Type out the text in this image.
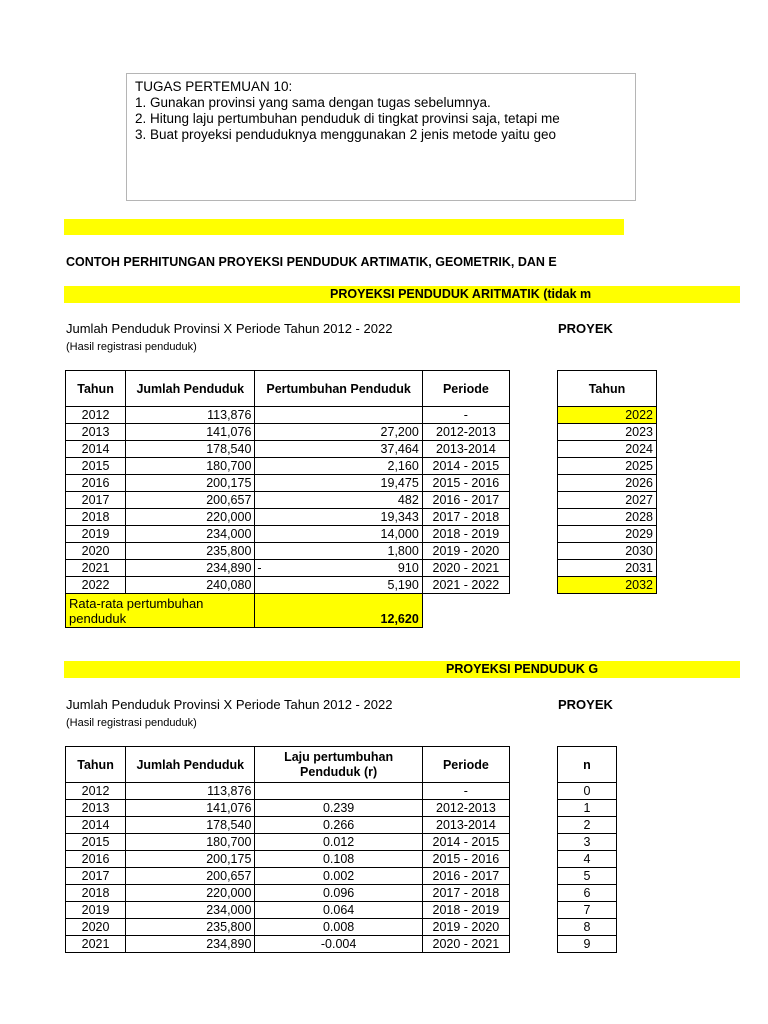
TUGAS PERTEMUAN 10:
1. Gunakan provinsi yang sama dengan tugas sebelumnya.
2. Hitung laju pertumbuhan penduduk di tingkat provinsi saja, tetapi me
3. Buat proyeksi penduduknya menggunakan 2 jenis metode yaitu geo
CONTOH PERHITUNGAN PROYEKSI PENDUDUK ARTIMATIK, GEOMETRIK, DAN E
Jumlah Penduduk Provinsi X Periode Tahun 2012 - 2022
(Hasil registrasi penduduk)
PROYEK
Tahun	Jumlah Penduduk	Pertumbuhan Penduduk	Periode
2012	113,876		-
2013	141,076	27,200	2012-2013
2014	178,540	37,464	2013-2014
2015	180,700	2,160	2014 - 2015
2016	200,175	19,475	2015 - 2016
2017	200,657	482	2016 - 2017
2018	220,000	19,343	2017 - 2018
2019	234,000	14,000	2018 - 2019
2020	235,800	1,800	2019 - 2020
2021	234,890	- 910	2020 - 2021
2022	240,080	5,190	2021 - 2022
Rata-rata pertumbuhan penduduk		12,620	
Tahun
2022
2023
2024
2025
2026
2027
2028
2029
2030
2031
2032
Jumlah Penduduk Provinsi X Periode Tahun 2012 - 2022
(Hasil registrasi penduduk)
PROYEK
Tahun	Jumlah Penduduk	Laju pertumbuhan Penduduk (r)	Periode
2012	113,876		-
2013	141,076	0.239	2012-2013
2014	178,540	0.266	2013-2014
2015	180,700	0.012	2014 - 2015
2016	200,175	0.108	2015 - 2016
2017	200,657	0.002	2016 - 2017
2018	220,000	0.096	2017 - 2018
2019	234,000	0.064	2018 - 2019
2020	235,800	0.008	2019 - 2020
2021	234,890	-0.004	2020 - 2021
n
0
1
2
3
4
5
6
7
8
9
PROYEKSI PENDUDUK ARITMATIK (tidak m
PROYEKSI PENDUDUK G
